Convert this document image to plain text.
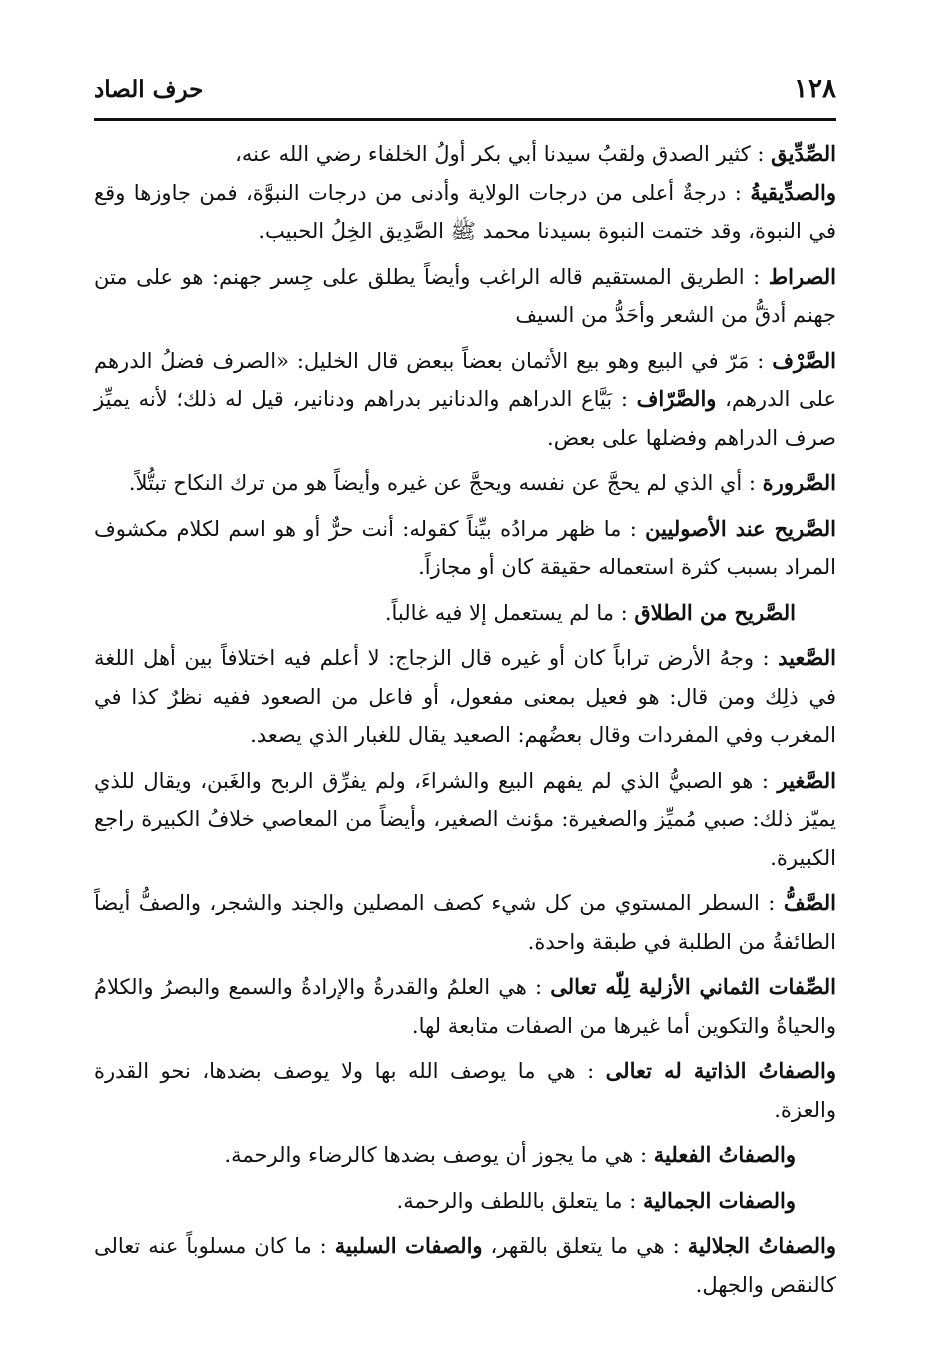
١٢٨
حرف الصاد

الصِّدِّيق : كثير الصدق ولقبُ سيدنا أبي بكر أولُ الخلفاء رضي الله عنه،

والصدِّيقيةُ : درجةٌ أعلى من درجات الولاية وأدنى من درجات النبوَّة، فمن جاوزها وقع في النبوة، وقد ختمت النبوة بسيدنا محمد ﷺ الصَّدِيق الخِلُ الحبيب.

الصراط : الطريق المستقيم قاله الراغب وأيضاً يطلق على جِسر جهنم: هو على متن جهنم أدقُّ من الشعر وأحَدُّ من السيف

الصَّرْف : مَرّ في البيع وهو بيع الأثمان بعضاً ببعض قال الخليل: «الصرف فضلُ الدرهم على الدرهم، والصَّرّاف : بَيَّاع الدراهم والدنانير بدراهم ودنانير، قيل له ذلك؛ لأنه يميِّز صرف الدراهم وفضلها على بعض.

الصَّرورة : أي الذي لم يحجَّ عن نفسه ويحجَّ عن غيره وأيضاً هو من ترك النكاح تبتُّلاً.

الصَّريح عند الأصوليين : ما ظهر مرادُه بيِّناً كقوله: أنت حرٌّ أو هو اسم لكلام مكشوف المراد بسبب كثرة استعماله حقيقة كان أو مجازاً.

الصَّريح من الطلاق : ما لم يستعمل إلا فيه غالباً.

الصَّعيد : وجهُ الأرض تراباً كان أو غيره قال الزجاج: لا أعلم فيه اختلافاً بين أهل اللغة في ذلِك ومن قال: هو فعيل بمعنى مفعول، أو فاعل من الصعود ففيه نظرٌ كذا في المغرب وفي المفردات وقال بعضُهم: الصعيد يقال للغبار الذي يصعد.

الصَّغير : هو الصبيُّ الذي لم يفهم البيع والشراءَ، ولم يفرِّق الربح والغَبن، ويقال للذي يميّز ذلك: صبي مُميِّز والصغيرة: مؤنث الصغير، وأيضاً من المعاصي خلافُ الكبيرة راجع الكبيرة.

الصَّفُّ : السطر المستوي من كل شيء كصف المصلين والجند والشجر، والصفُّ أيضاً الطائفةُ من الطلبة في طبقة واحدة.

الصِّفات الثماني الأزلية لِلّه تعالى : هي العلمُ والقدرةُ والإرادةُ والسمع والبصرُ والكلامُ والحياةُ والتكوين أما غيرها من الصفات متابعة لها.

والصفاتُ الذاتية له تعالى : هي ما يوصف الله بها ولا يوصف بضدها، نحو القدرة والعزة.

والصفاتُ الفعلية : هي ما يجوز أن يوصف بضدها كالرضاء والرحمة.

والصفات الجمالية : ما يتعلق باللطف والرحمة.

والصفاتُ الجلالية : هي ما يتعلق بالقهر، والصفات السلبية : ما كان مسلوباً عنه تعالى كالنقص والجهل.
